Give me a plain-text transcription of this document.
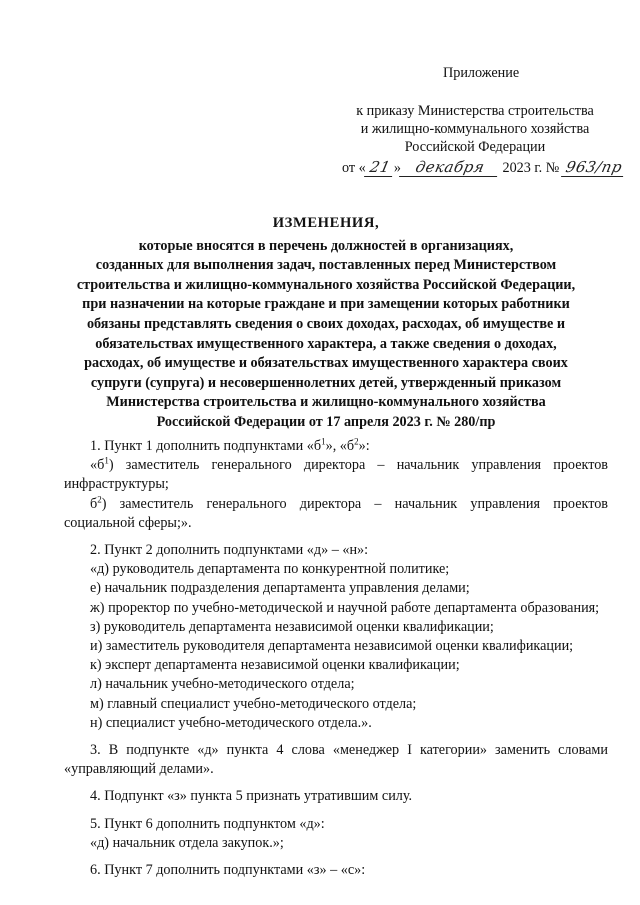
Приложение
к приказу Министерства строительства
и жилищно-коммунального хозяйства
Российской Федерации
от « 21 » декабря 2023 г. № 963/пр
ИЗМЕНЕНИЯ,
которые вносятся в перечень должностей в организациях,
созданных для выполнения задач, поставленных перед Министерством
строительства и жилищно-коммунального хозяйства Российской Федерации,
при назначении на которые граждане и при замещении которых работники
обязаны представлять сведения о своих доходах, расходах, об имуществе и
обязательствах имущественного характера, а также сведения о доходах,
расходах, об имуществе и обязательствах имущественного характера своих
супруги (супруга) и несовершеннолетних детей, утвержденный приказом
Министерства строительства и жилищно-коммунального хозяйства
Российской Федерации от 17 апреля 2023 г. № 280/пр

1. Пункт 1 дополнить подпунктами «$б^1$», «$б^2$»:

«$б^1$) заместитель генерального директора – начальник управления проектов инфраструктуры;

$б^2$) заместитель генерального директора – начальник управления проектов социальной сферы;».

2. Пункт 2 дополнить подпунктами «д» – «н»:

«д) руководитель департамента по конкурентной политике;

е) начальник подразделения департамента управления делами;

ж) проректор по учебно-методической и научной работе департамента образования;

з) руководитель департамента независимой оценки квалификации;

и) заместитель руководителя департамента независимой оценки квалификации;

к) эксперт департамента независимой оценки квалификации;

л) начальник учебно-методического отдела;

м) главный специалист учебно-методического отдела;

н) специалист учебно-методического отдела.».

3. В подпункте «д» пункта 4 слова «менеджер I категории» заменить словами «управляющий делами».

4. Подпункт «з» пункта 5 признать утратившим силу.

5. Пункт 6 дополнить подпунктом «д»:

«д) начальник отдела закупок.»;

6. Пункт 7 дополнить подпунктами «з» – «с»:
